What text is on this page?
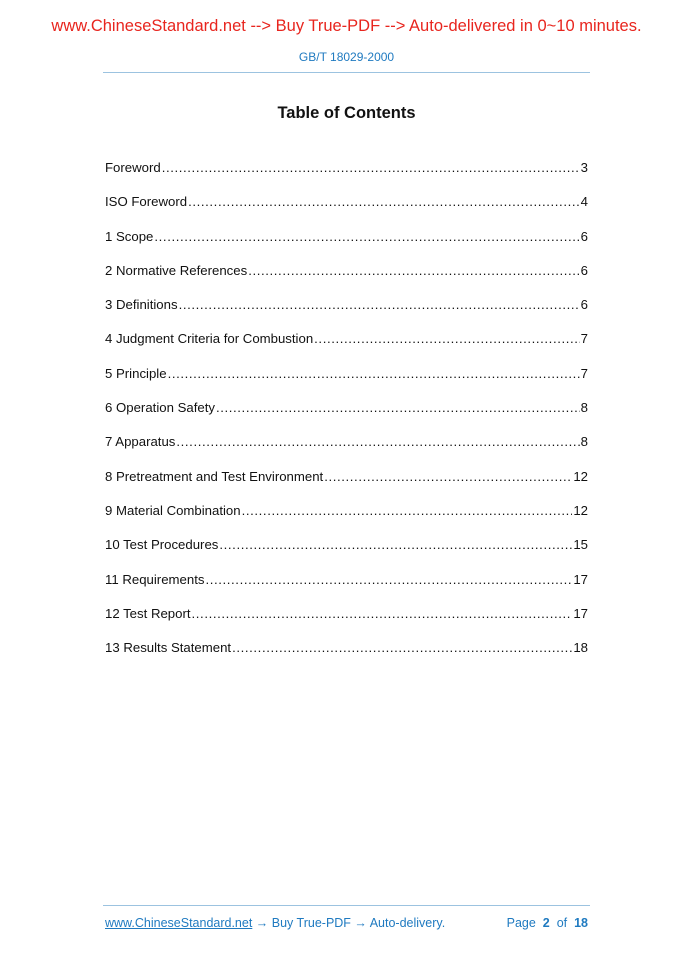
www.ChineseStandard.net --> Buy True-PDF --> Auto-delivered in 0~10 minutes.
GB/T 18029-2000
Table of Contents
Foreword .....	3
ISO Foreword .....	4
1 Scope .....	6
2 Normative References .....	6
3 Definitions .....	6
4 Judgment Criteria for Combustion .....	7
5 Principle .....	7
6 Operation Safety .....	8
7 Apparatus .....	8
8 Pretreatment and Test Environment .....	12
9 Material Combination .....	12
10 Test Procedures .....	15
11 Requirements .....	17
12 Test Report .....	17
13 Results Statement .....	18
www.ChineseStandard.net → Buy True-PDF → Auto-delivery.	Page 2 of 18
